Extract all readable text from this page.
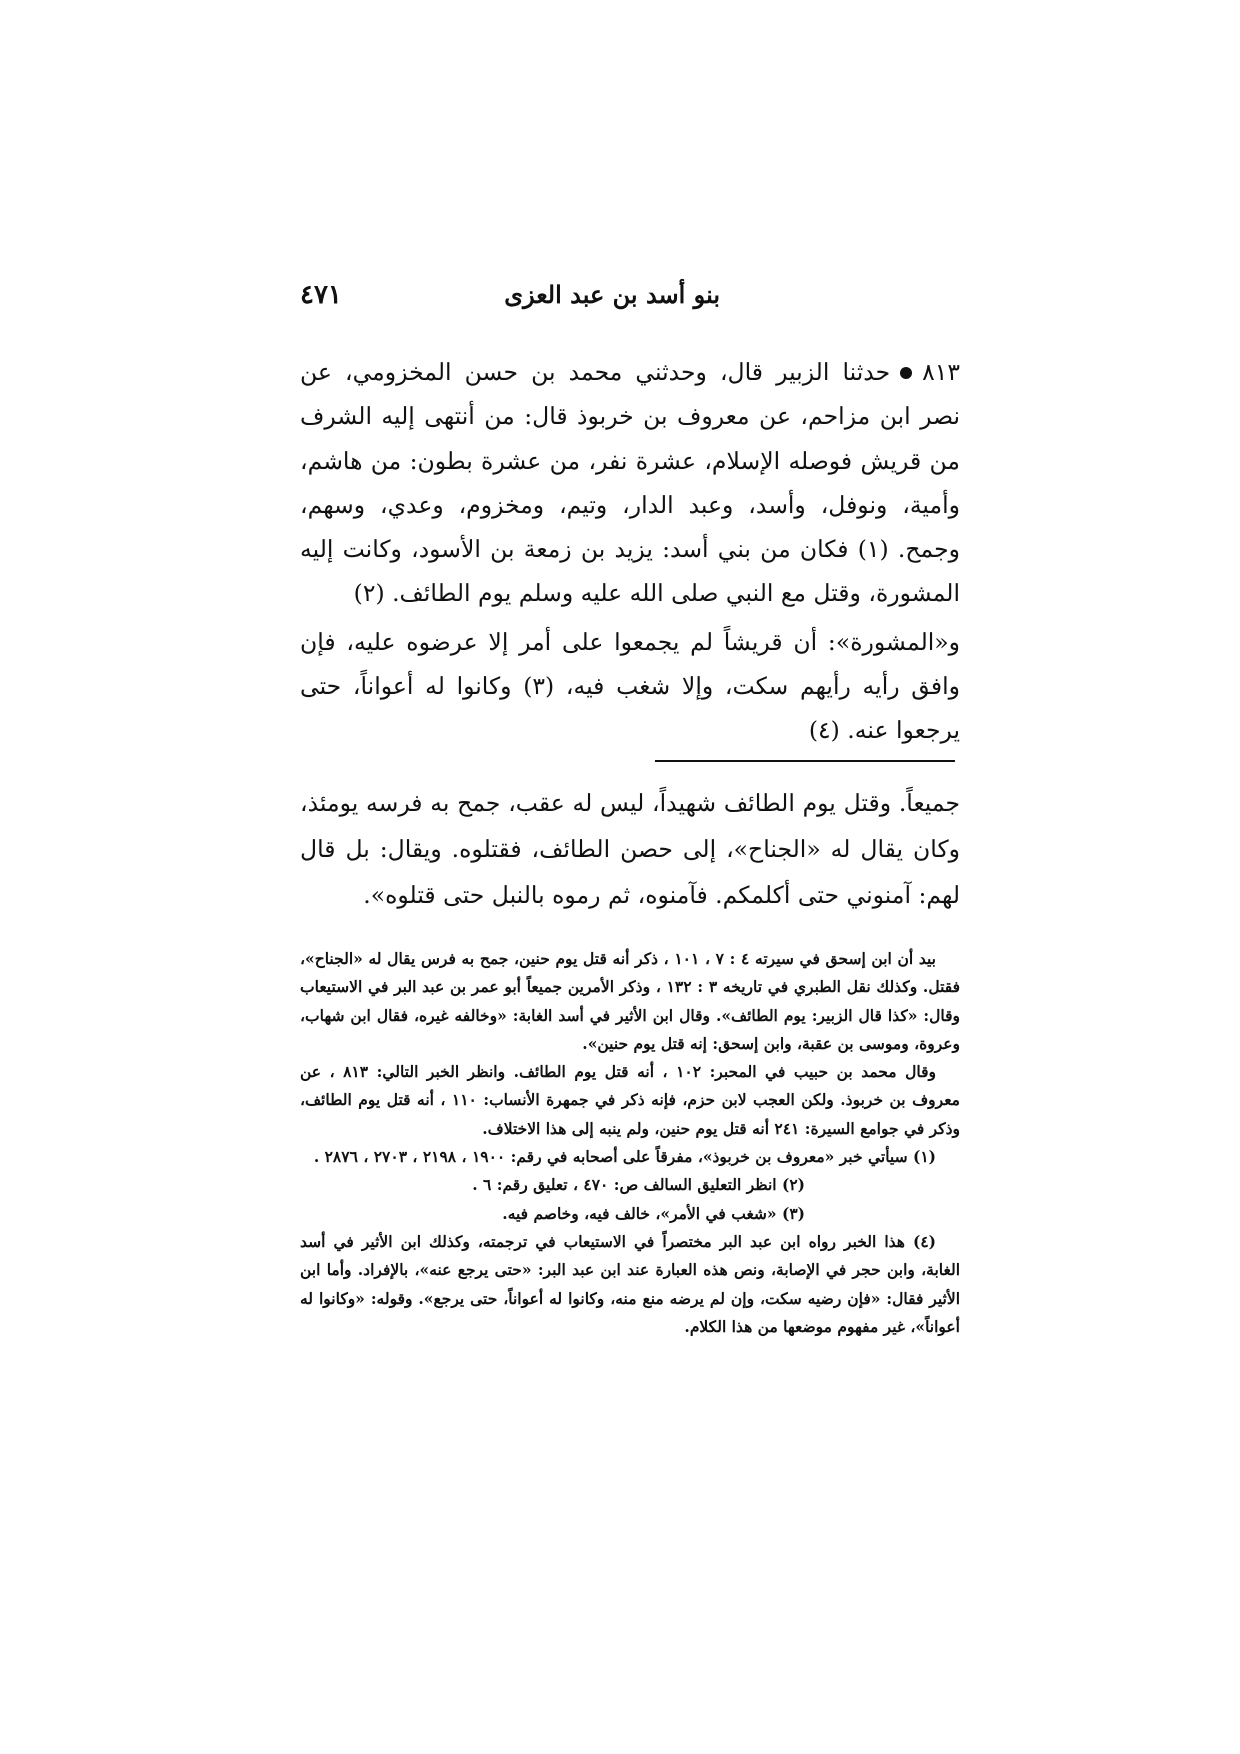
٤٧١	بنو أسد بن عبد العزى

٨١٣حدثنا الزبير قال، وحدثني محمد بن حسن المخزومي، عن نصر ابن مزاحم، عن معروف بن خربوذ قال: من أنتهى إليه الشرف من قريش فوصله الإسلام، عشرة نفر، من عشرة بطون: من هاشم، وأمية، ونوفل، وأسد، وعبد الدار، وتيم، ومخزوم، وعدي، وسهم، وجمح. (١) فكان من بني أسد: يزيد بن زمعة بن الأسود، وكانت إليه المشورة، وقتل مع النبي صلى الله عليه وسلم يوم الطائف. (٢)

و«المشورة»: أن قريشاً لم يجمعوا على أمر إلا عرضوه عليه، فإن وافق رأيه رأيهم سكت، وإلا شغب فيه، (٣) وكانوا له أعواناً، حتى يرجعوا عنه. (٤)

جميعاً. وقتل يوم الطائف شهيداً، ليس له عقب، جمح به فرسه يومئذ، وكان يقال له «الجناح»، إلى حصن الطائف، فقتلوه. ويقال: بل قال لهم: آمنوني حتى أكلمكم. فآمنوه، ثم رموه بالنبل حتى قتلوه».

بيد أن ابن إسحق في سيرته ٤ : ٧ ، ١٠١ ، ذكر أنه قتل يوم حنين، جمح به فرس يقال له «الجناح»، فقتل. وكذلك نقل الطبري في تاريخه ٣ : ١٣٢ ، وذكر الأمرين جميعاً أبو عمر بن عبد البر في الاستيعاب وقال: «كذا قال الزبير: يوم الطائف». وقال ابن الأثير في أسد الغابة: «وخالفه غيره، فقال ابن شهاب، وعروة، وموسى بن عقبة، وابن إسحق: إنه قتل يوم حنين».

وقال محمد بن حبيب في المحبر: ١٠٢ ، أنه قتل يوم الطائف. وانظر الخبر التالي: ٨١٣ ، عن معروف بن خربوذ. ولكن العجب لابن حزم، فإنه ذكر في جمهرة الأنساب: ١١٠ ، أنه قتل يوم الطائف، وذكر في جوامع السيرة: ٢٤١ أنه قتل يوم حنين، ولم ينبه إلى هذا الاختلاف.

(١) سيأتي خبر «معروف بن خربوذ»، مفرقاً على أصحابه في رقم: ١٩٠٠ ، ٢١٩٨ ، ٢٧٠٣ ، ٢٨٧٦ .

(٢) انظر التعليق السالف ص: ٤٧٠ ، تعليق رقم: ٦ .

(٣) «شغب في الأمر»، خالف فيه، وخاصم فيه.

(٤) هذا الخبر رواه ابن عبد البر مختصراً في الاستيعاب في ترجمته، وكذلك ابن الأثير في أسد الغابة، وابن حجر في الإصابة، ونص هذه العبارة عند ابن عبد البر: «حتى يرجع عنه»، بالإفراد. وأما ابن الأثير فقال: «فإن رضيه سكت، وإن لم يرضه منع منه، وكانوا له أعواناً، حتى يرجع». وقوله: «وكانوا له أعواناً»، غير مفهوم موضعها من هذا الكلام.
